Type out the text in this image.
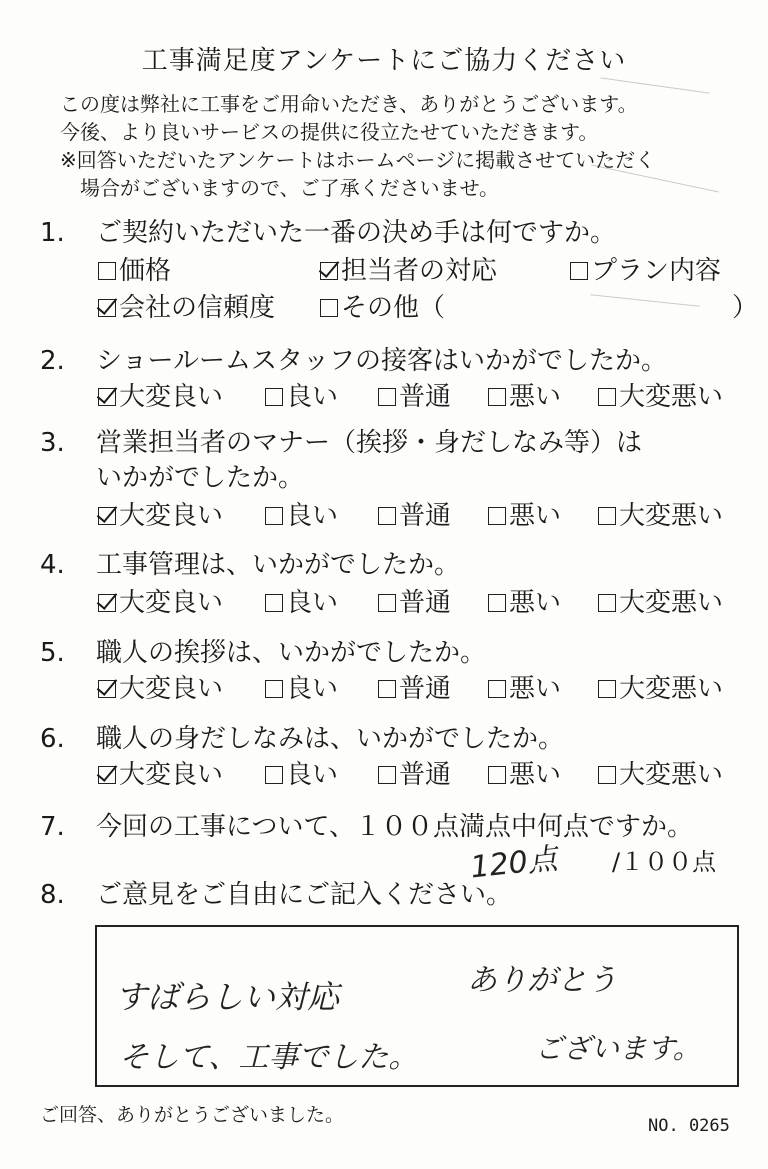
工事満足度アンケートにご協力ください
この度は弊社に工事をご用命いただき、ありがとうございます。
今後、より良いサービスの提供に役立たせていただきます。
※回答いただいたアンケートはホームページに掲載させていただく
　場合がございますので、ご了承くださいませ。
1. ご契約いただいた一番の決め手は何ですか。
価格	担当者の対応	プラン内容
会社の信頼度	その他（	）
2. ショールームスタッフの接客はいかがでしたか。
3. 営業担当者のマナー（挨拶・身だしなみ等）は
いかがでしたか。
4. 工事管理は、いかがでしたか。
5. 職人の挨拶は、いかがでしたか。
6. 職人の身だしなみは、いかがでしたか。
7. 今回の工事について、１００点満点中何点ですか。
120点 /１００点
8. ご意見をご自由にご記入ください。
すばらしい対応	ありがとう
そして、工事でした。	ございます。
ご回答、ありがとうございました。	NO. 0265
大変良い	良い	普通	悪い	大変悪い
大変良い	良い	普通	悪い	大変悪い
大変良い	良い	普通	悪い	大変悪い
大変良い	良い	普通	悪い	大変悪い
大変良い	良い	普通	悪い	大変悪い
